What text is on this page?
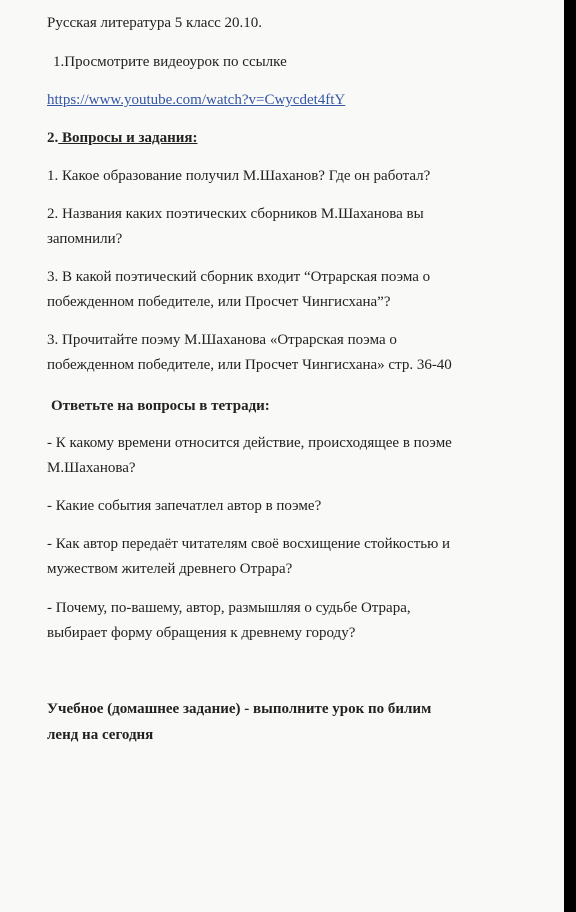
Русская литература 5 класс 20.10.
1.Просмотрите видеоурок по ссылке
https://www.youtube.com/watch?v=Cwycdet4ftY
2. Вопросы и задания:
1. Какое образование получил М.Шаханов? Где он работал?
2. Названия каких поэтических сборников М.Шаханова вы
запомнили?
3. В какой поэтический сборник входит “Отрарская поэма о
побежденном победителе, или Просчет Чингисхана”?
3. Прочитайте поэму М.Шаханова «Отрарская поэма о
побежденном победителе, или Просчет Чингисхана» стр. 36-40
Ответьте на вопросы в тетради:
- К какому времени относится действие, происходящее в поэме
М.Шаханова?
- Какие события запечатлел автор в поэме?
- Как автор передаёт читателям своё восхищение стойкостью и
мужеством жителей древнего Отрара?
- Почему, по-вашему, автор, размышляя о судьбе Отрара,
выбирает форму обращения к древнему городу?
Учебное (домашнее задание) - выполните урок по билим
ленд на сегодня
